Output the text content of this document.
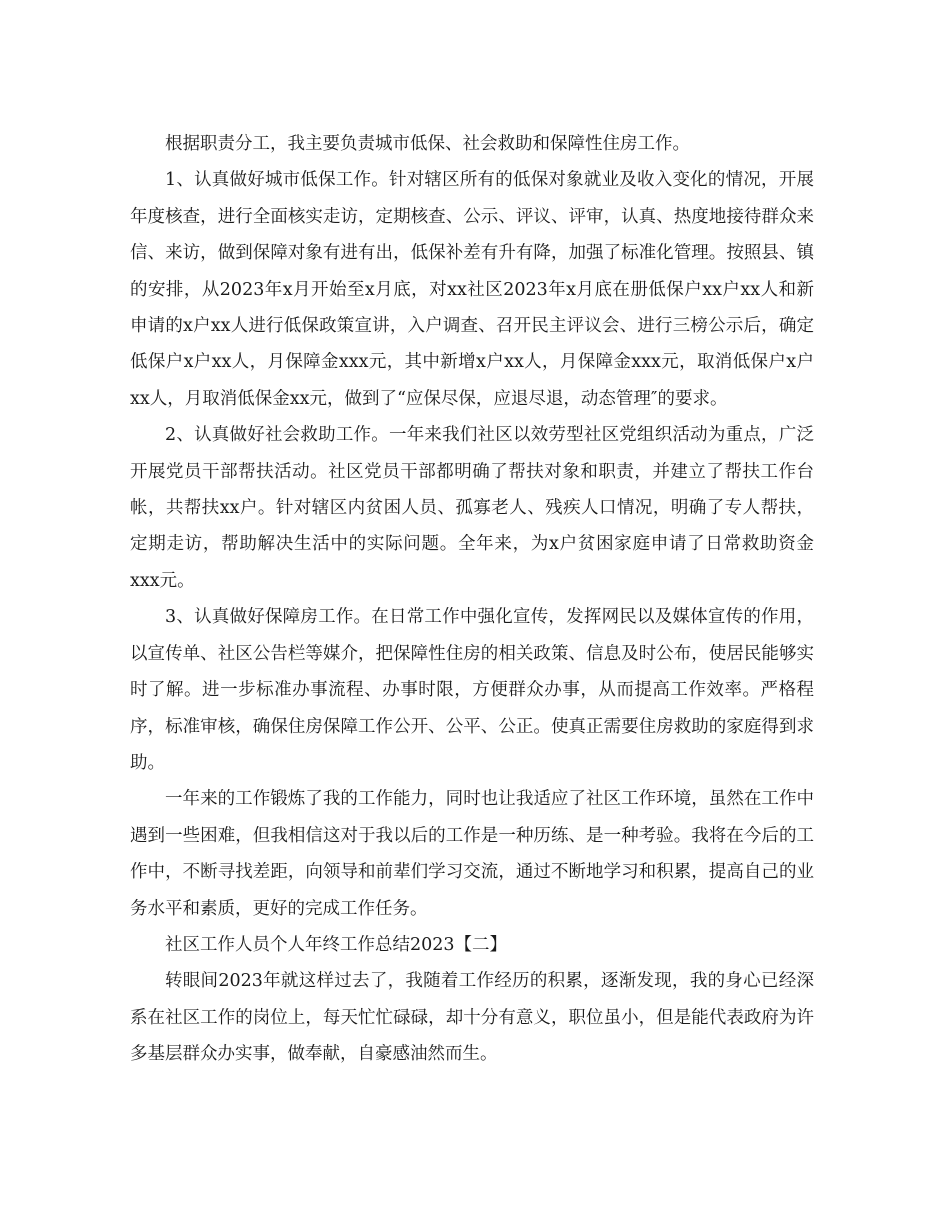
根据职责分工，我主要负责城市低保、社会救助和保障性住房工作。

1、认真做好城市低保工作。针对辖区所有的低保对象就业及收入变化的情况，开展年度核查，进行全面核实走访，定期核查、公示、评议、评审，认真、热度地接待群众来信、来访，做到保障对象有进有出，低保补差有升有降，加强了标准化管理。按照县、镇的安排，从2023年x月开始至x月底，对xx社区2023年x月底在册低保户xx户xx人和新申请的x户xx人进行低保政策宣讲，入户调查、召开民主评议会、进行三榜公示后，确定低保户x户xx人，月保障金xxx元，其中新增x户xx人，月保障金xxx元，取消低保户x户xx人，月取消低保金xx元，做到了“应保尽保，应退尽退，动态管理″的要求。

2、认真做好社会救助工作。一年来我们社区以效劳型社区党组织活动为重点，广泛开展党员干部帮扶活动。社区党员干部都明确了帮扶对象和职责，并建立了帮扶工作台帐，共帮扶xx户。针对辖区内贫困人员、孤寡老人、残疾人口情况，明确了专人帮扶，定期走访，帮助解决生活中的实际问题。全年来，为x户贫困家庭申请了日常救助资金xxx元。

3、认真做好保障房工作。在日常工作中强化宣传，发挥网民以及媒体宣传的作用，以宣传单、社区公告栏等媒介，把保障性住房的相关政策、信息及时公布，使居民能够实时了解。进一步标准办事流程、办事时限，方便群众办事，从而提高工作效率。严格程序，标准审核，确保住房保障工作公开、公平、公正。使真正需要住房救助的家庭得到求助。

一年来的工作锻炼了我的工作能力，同时也让我适应了社区工作环境，虽然在工作中遇到一些困难，但我相信这对于我以后的工作是一种历练、是一种考验。我将在今后的工作中，不断寻找差距，向领导和前辈们学习交流，通过不断地学习和积累，提高自己的业务水平和素质，更好的完成工作任务。

社区工作人员个人年终工作总结2023【二】

转眼间2023年就这样过去了，我随着工作经历的积累，逐渐发现，我的身心已经深系在社区工作的岗位上，每天忙忙碌碌，却十分有意义，职位虽小，但是能代表政府为许多基层群众办实事，做奉献，自豪感油然而生。
